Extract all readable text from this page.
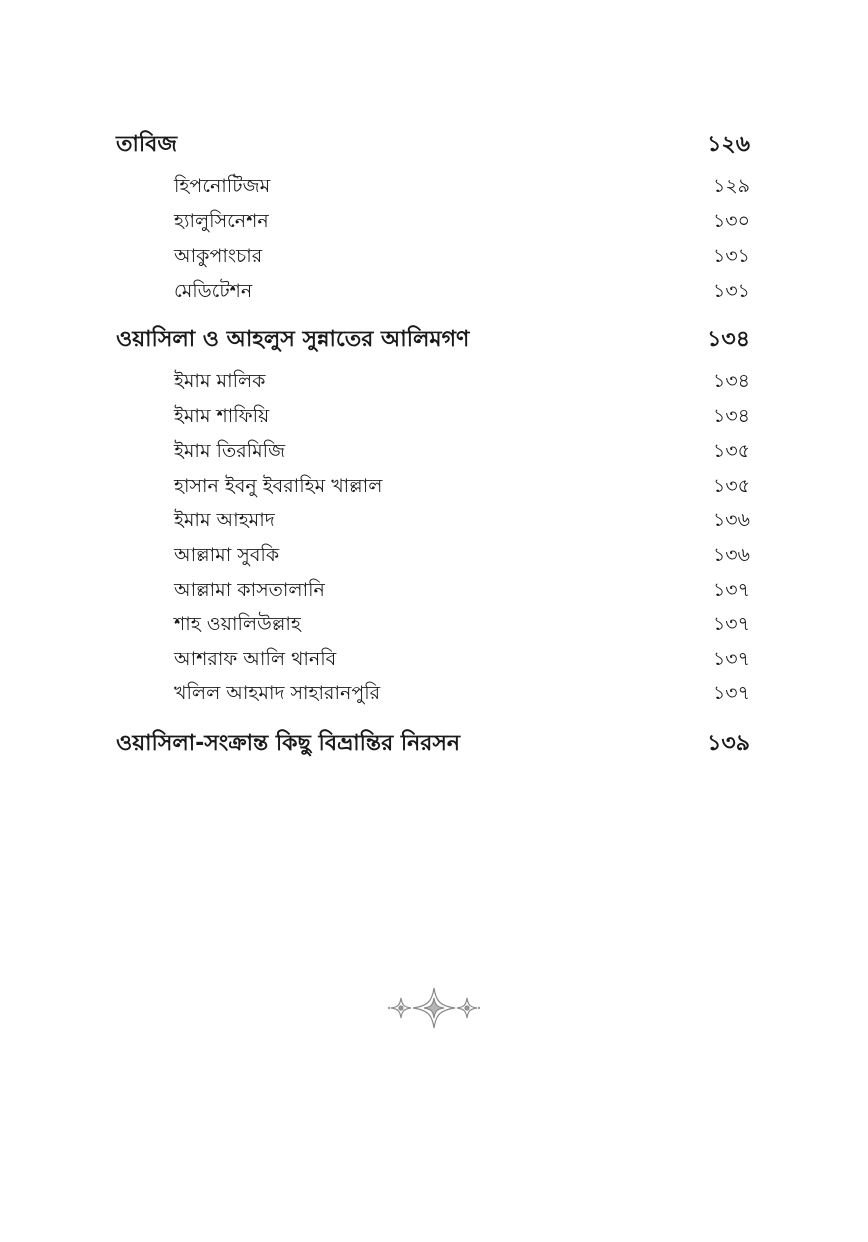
তাবিজ	১২৬
হিপনোটিজম	১২৯
হ্যালুসিনেশন	১৩০
আকুপাংচার	১৩১
মেডিটেশন	১৩১
ওয়াসিলা ও আহলুস সুন্নাতের আলিমগণ	১৩৪
ইমাম মালিক	১৩৪
ইমাম শাফিয়ি	১৩৪
ইমাম তিরমিজি	১৩৫
হাসান ইবনু ইবরাহিম খাল্লাল	১৩৫
ইমাম আহমাদ	১৩৬
আল্লামা সুবকি	১৩৬
আল্লামা কাসতালানি	১৩৭
শাহ ওয়ালিউল্লাহ	১৩৭
আশরাফ আলি থানবি	১৩৭
খলিল আহমাদ সাহারানপুরি	১৩৭
ওয়াসিলা-সংক্রান্ত কিছু বিভ্রান্তির নিরসন	১৩৯
